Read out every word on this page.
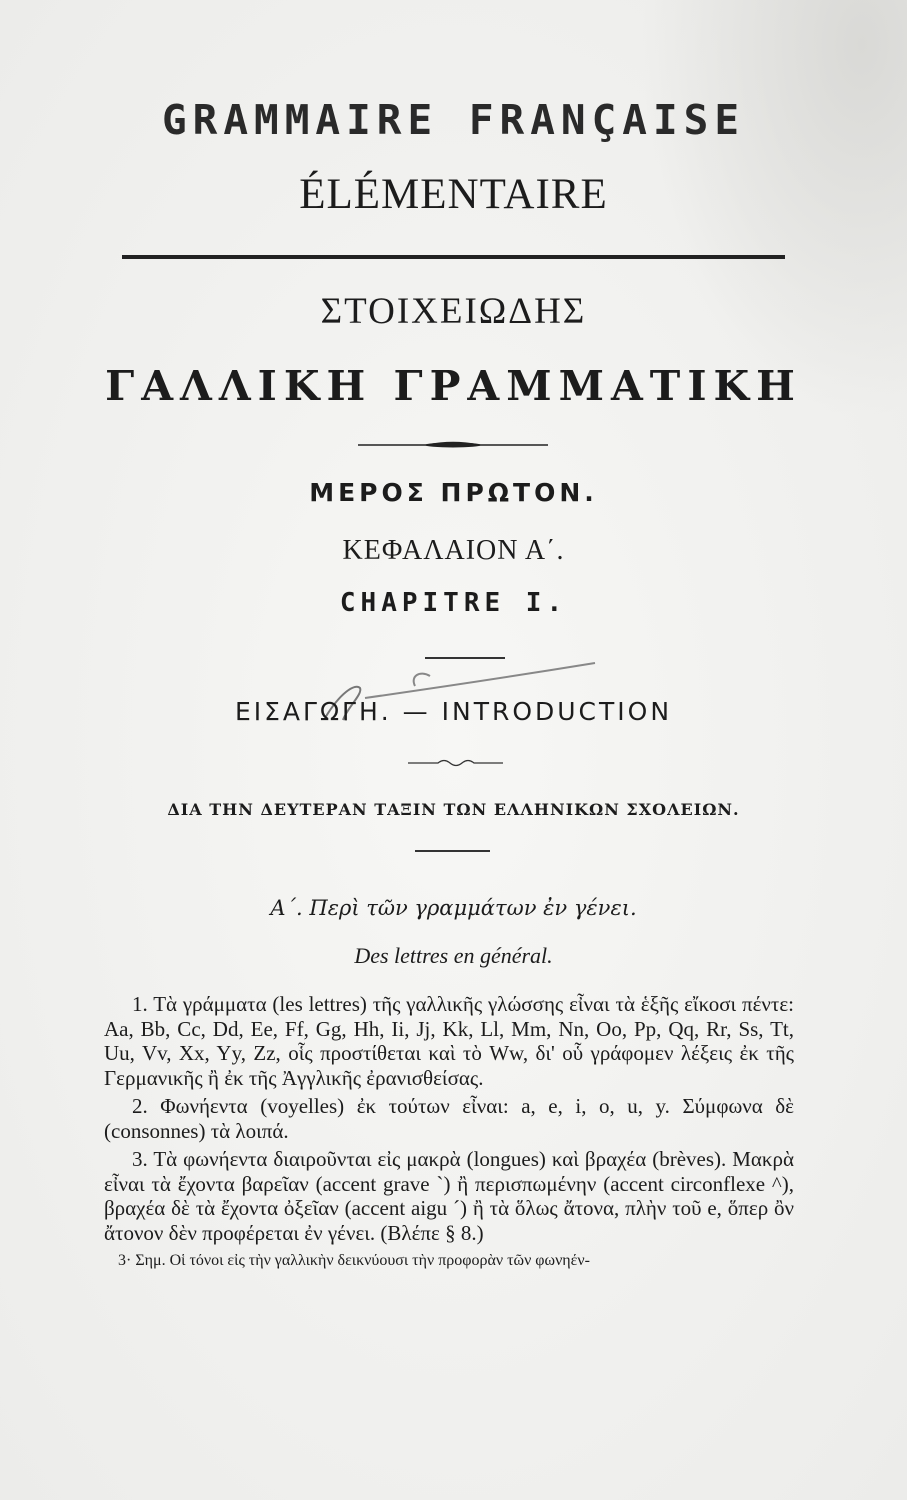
GRAMMAIRE FRANÇAISE
ÉLÉMENTAIRE
ΣΤΟΙΧΕΙΩΔΗΣ
ΓΑΛΛΙΚΗ ΓΡΑΜΜΑΤΙΚΗ
ΜΕΡΟΣ ΠΡΩΤΟΝ.
ΚΕΦΑΛΑΙΟΝ Α΄.
CHAPITRE I.
ΕΙΣΑΓΩΓΗ. — INTRODUCTION
ΔΙΑ ΤΗΝ ΔΕΥΤΕΡΑΝ ΤΑΞΙΝ ΤΩΝ ΕΛΛΗΝΙΚΩΝ ΣΧΟΛΕΙΩΝ.
Α΄. Περὶ τῶν γραμμάτων ἐν γένει.
Des lettres en général.

1. Τὰ γράμματα (les lettres) τῆς γαλλικῆς γλώσσης εἶναι τὰ ἑξῆς εἴκοσι πέντε: Aa, Bb, Cc, Dd, Ee, Ff, Gg, Hh, Ii, Jj, Kk, Ll, Mm, Nn, Oo, Pp, Qq, Rr, Ss, Tt, Uu, Vv, Xx, Yy, Zz, οἷς προστίθεται καὶ τὸ Ww, δι' οὗ γράφομεν λέξεις ἐκ τῆς Γερμανικῆς ἢ ἐκ τῆς Ἀγγλικῆς ἐρανισθείσας.

2. Φωνήεντα (voyelles) ἐκ τούτων εἶναι: a, e, i, o, u, y. Σύμφωνα δὲ (consonnes) τὰ λοιπά.

3. Τὰ φωνήεντα διαιροῦνται εἰς μακρὰ (longues) καὶ βραχέα (brèves). Μακρὰ εἶναι τὰ ἔχοντα βαρεῖαν (accent grave `) ἢ περισπωμένην (accent circonflexe ^), βραχέα δὲ τὰ ἔχοντα ὀξεῖαν (accent aigu ´) ἢ τὰ ὅλως ἄτονα, πλὴν τοῦ e, ὅπερ ὂν ἄτονον δὲν προφέρεται ἐν γένει. (Βλέπε § 8.)

3· Σημ. Οἱ τόνοι εἰς τὴν γαλλικὴν δεικνύουσι τὴν προφορὰν τῶν φωνηέν-
